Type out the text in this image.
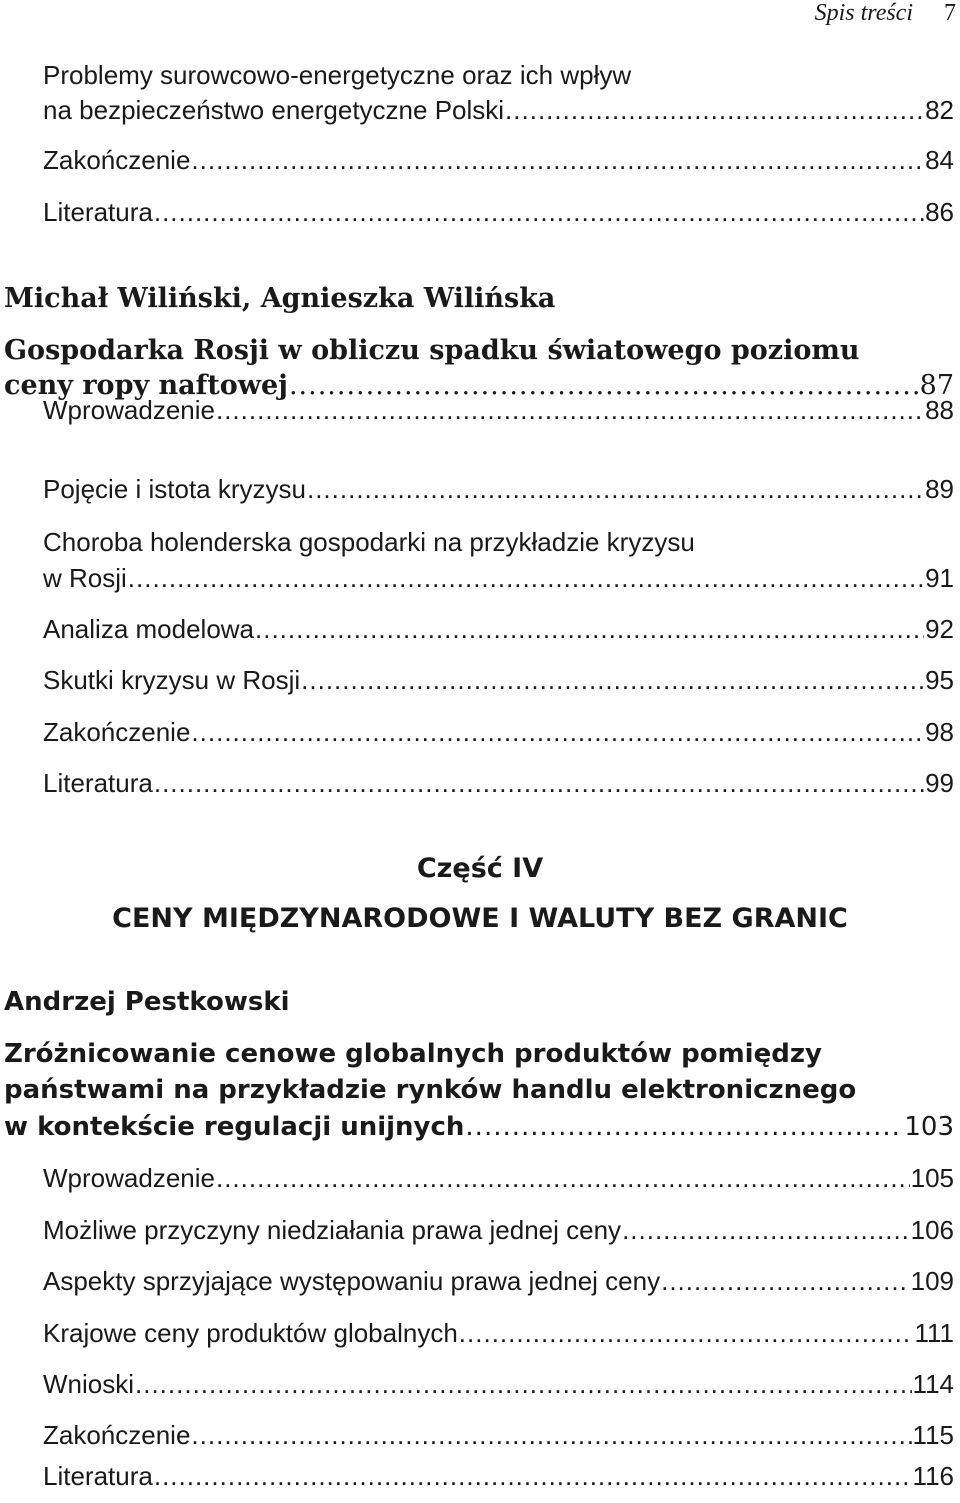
Spis treści 7
Problemy surowcowo-energetyczne oraz ich wpływ
na bezpieczeństwo energetyczne Polski .....	82
Zakończenie .....	84
Literatura .....	86
Michał Wiliński, Agnieszka Wilińska
Gospodarka Rosji w obliczu spadku światowego poziomu
ceny ropy naftowej .....	87
Wprowadzenie .....	88
Pojęcie i istota kryzysu .....	89
Choroba holenderska gospodarki na przykładzie kryzysu
w Rosji .....	91
Analiza modelowa .....	92
Skutki kryzysu w Rosji .....	95
Zakończenie .....	98
Literatura .....	99
Część IV
CENY MIĘDZYNARODOWE I WALUTY BEZ GRANIC
Andrzej Pestkowski
Zróżnicowanie cenowe globalnych produktów pomiędzy
państwami na przykładzie rynków handlu elektronicznego
w kontekście regulacji unijnych .....	103
Wprowadzenie .....	105
Możliwe przyczyny niedziałania prawa jednej ceny .....	106
Aspekty sprzyjające występowaniu prawa jednej ceny .....	109
Krajowe ceny produktów globalnych .....	111
Wnioski .....	114
Zakończenie .....	115
Literatura .....	116
